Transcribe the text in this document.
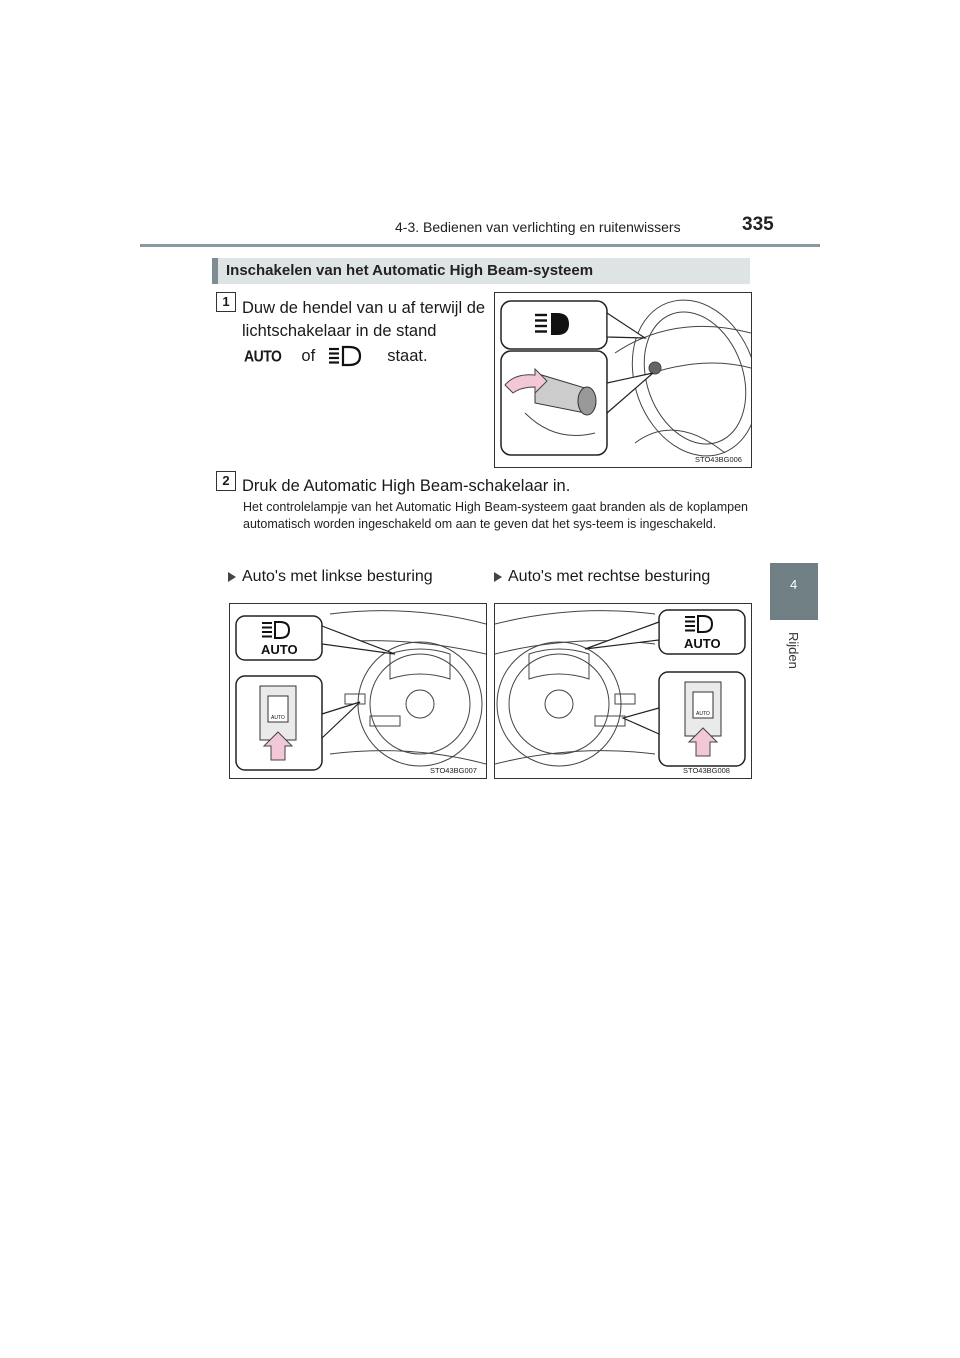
4-3. Bedienen van verlichting en ruitenwissers	335
4
Rijden
Inschakelen van het Automatic High Beam-systeem
1 Duw de hendel van u af terwijl de
lichtschakelaar in de stand
AUTO of	staat.
STO43BG006
2 Druk de Automatic High Beam-schakelaar in.
Het controlelampje van het Automatic High Beam-systeem gaat branden als de koplampen automatisch worden ingeschakeld om aan te geven dat het sys-teem is ingeschakeld.
Auto's met linkse besturing	Auto's met rechtse besturing
AUTO
AUTO
STO43BG007
AUTO
AUTO
STO43BG008
